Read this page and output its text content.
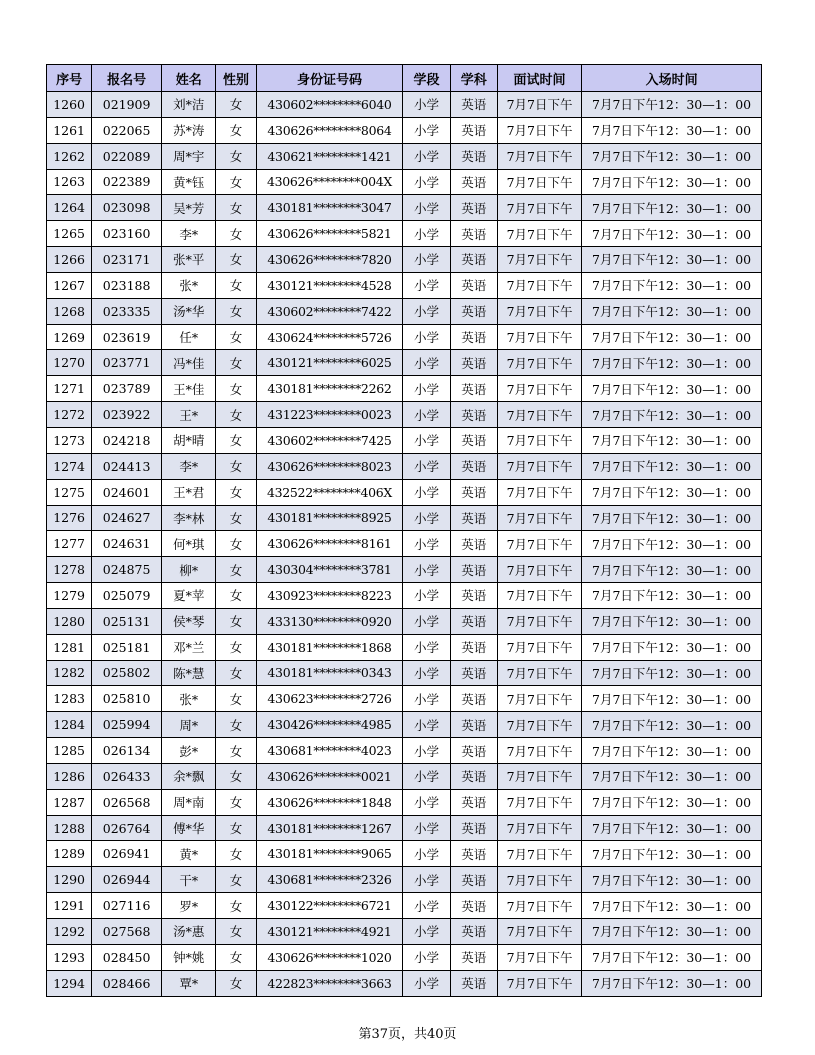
序号	报名号	姓名	性别	身份证号码	学段	学科	面试时间	入场时间
1260	021909	刘*洁	女	430602********6040	小学	英语	7月7日下午	7月7日下午12：30—1：00
1261	022065	苏*涛	女	430626********8064	小学	英语	7月7日下午	7月7日下午12：30—1：00
1262	022089	周*宇	女	430621********1421	小学	英语	7月7日下午	7月7日下午12：30—1：00
1263	022389	黄*钰	女	430626********004X	小学	英语	7月7日下午	7月7日下午12：30—1：00
1264	023098	吴*芳	女	430181********3047	小学	英语	7月7日下午	7月7日下午12：30—1：00
1265	023160	李*	女	430626********5821	小学	英语	7月7日下午	7月7日下午12：30—1：00
1266	023171	张*平	女	430626********7820	小学	英语	7月7日下午	7月7日下午12：30—1：00
1267	023188	张*	女	430121********4528	小学	英语	7月7日下午	7月7日下午12：30—1：00
1268	023335	汤*华	女	430602********7422	小学	英语	7月7日下午	7月7日下午12：30—1：00
1269	023619	任*	女	430624********5726	小学	英语	7月7日下午	7月7日下午12：30—1：00
1270	023771	冯*佳	女	430121********6025	小学	英语	7月7日下午	7月7日下午12：30—1：00
1271	023789	王*佳	女	430181********2262	小学	英语	7月7日下午	7月7日下午12：30—1：00
1272	023922	王*	女	431223********0023	小学	英语	7月7日下午	7月7日下午12：30—1：00
1273	024218	胡*晴	女	430602********7425	小学	英语	7月7日下午	7月7日下午12：30—1：00
1274	024413	李*	女	430626********8023	小学	英语	7月7日下午	7月7日下午12：30—1：00
1275	024601	王*君	女	432522********406X	小学	英语	7月7日下午	7月7日下午12：30—1：00
1276	024627	李*林	女	430181********8925	小学	英语	7月7日下午	7月7日下午12：30—1：00
1277	024631	何*琪	女	430626********8161	小学	英语	7月7日下午	7月7日下午12：30—1：00
1278	024875	柳*	女	430304********3781	小学	英语	7月7日下午	7月7日下午12：30—1：00
1279	025079	夏*苹	女	430923********8223	小学	英语	7月7日下午	7月7日下午12：30—1：00
1280	025131	侯*琴	女	433130********0920	小学	英语	7月7日下午	7月7日下午12：30—1：00
1281	025181	邓*兰	女	430181********1868	小学	英语	7月7日下午	7月7日下午12：30—1：00
1282	025802	陈*慧	女	430181********0343	小学	英语	7月7日下午	7月7日下午12：30—1：00
1283	025810	张*	女	430623********2726	小学	英语	7月7日下午	7月7日下午12：30—1：00
1284	025994	周*	女	430426********4985	小学	英语	7月7日下午	7月7日下午12：30—1：00
1285	026134	彭*	女	430681********4023	小学	英语	7月7日下午	7月7日下午12：30—1：00
1286	026433	余*飘	女	430626********0021	小学	英语	7月7日下午	7月7日下午12：30—1：00
1287	026568	周*南	女	430626********1848	小学	英语	7月7日下午	7月7日下午12：30—1：00
1288	026764	傅*华	女	430181********1267	小学	英语	7月7日下午	7月7日下午12：30—1：00
1289	026941	黄*	女	430181********9065	小学	英语	7月7日下午	7月7日下午12：30—1：00
1290	026944	干*	女	430681********2326	小学	英语	7月7日下午	7月7日下午12：30—1：00
1291	027116	罗*	女	430122********6721	小学	英语	7月7日下午	7月7日下午12：30—1：00
1292	027568	汤*惠	女	430121********4921	小学	英语	7月7日下午	7月7日下午12：30—1：00
1293	028450	钟*姚	女	430626********1020	小学	英语	7月7日下午	7月7日下午12：30—1：00
1294	028466	覃*	女	422823********3663	小学	英语	7月7日下午	7月7日下午12：30—1：00
第37页，共40页
